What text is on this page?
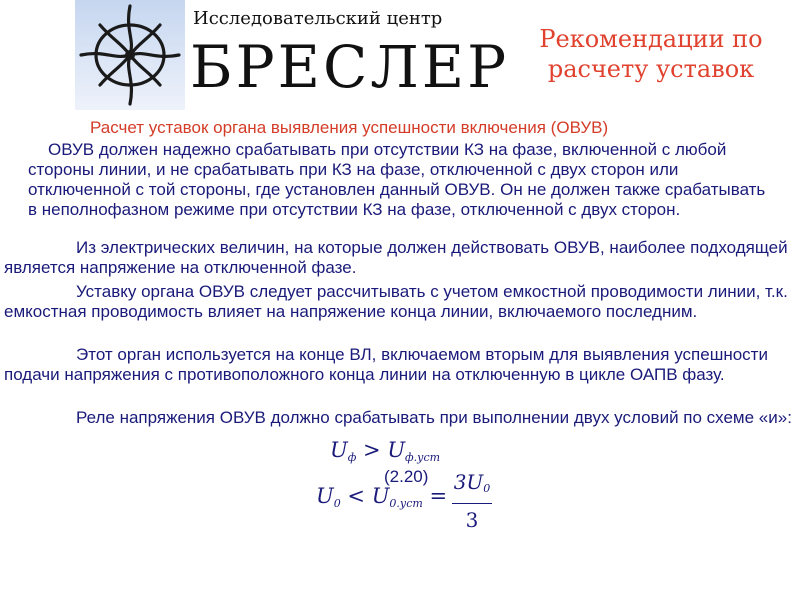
Исследовательский центр
БРЕСЛЕР	Рекомендации по
расчету уставок
Расчет уставок органа выявления успешности включения (ОВУВ)

ОВУВ должен надежно срабатывать при отсутствии КЗ на фазе, включенной с любой стороны линии, и не срабатывать при КЗ на фазе, отключенной с двух сторон или отключенной с той стороны, где установлен данный ОВУВ. Он не должен также срабатывать в неполнофазном режиме при отсутствии КЗ на фазе, отключенной с двух сторон.

Из электрических величин, на которые должен действовать ОВУВ, наиболее подходящей является напряжение на отключенной фазе.

Уставку органа ОВУВ следует рассчитывать с учетом емкостной проводимости линии, т.к. емкостная проводимость влияет на напряжение конца линии, включаемого последним.

Этот орган используется на конце ВЛ, включаемом вторым для выявления успешности подачи напряжения с противоположного конца линии на отключенную в цикле ОАПВ фазу.

Реле напряжения ОВУВ должно срабатывать при выполнении двух условий по схеме «и»:

$U_ф > U_{ф.уст}$
(2.20)
$U_0 < U_{0.уст}$ =
3U0
3
